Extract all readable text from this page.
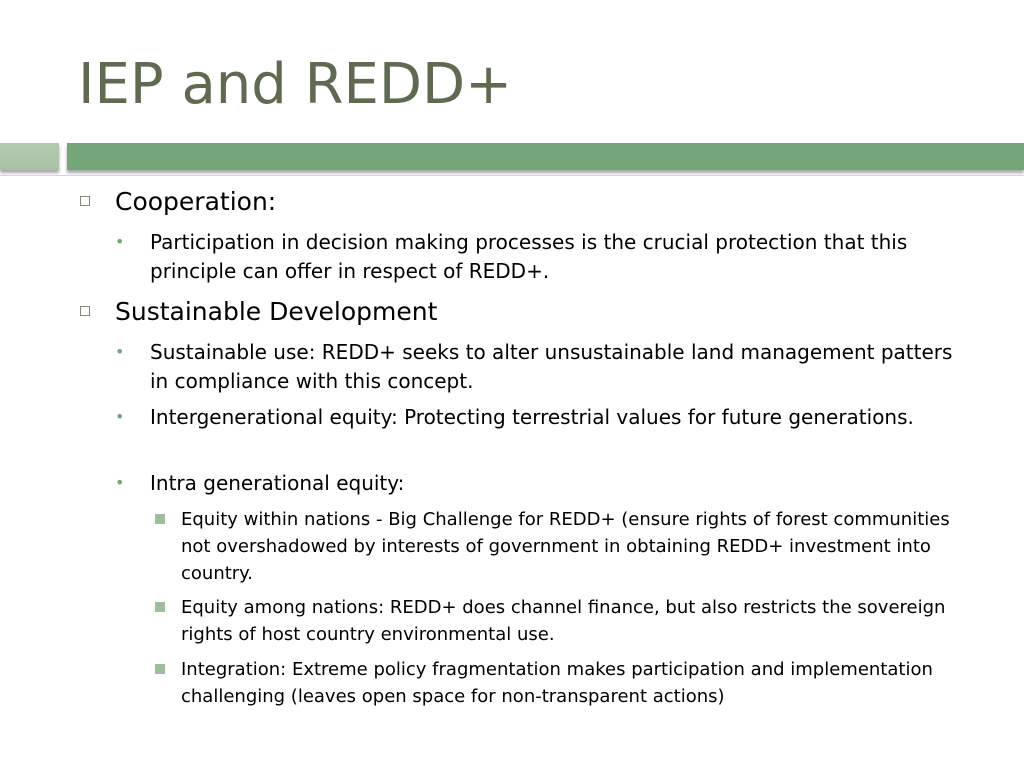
IEP and REDD+
Cooperation:
• Participation in decision making processes is the crucial protection that this principle can offer in respect of REDD+.
Sustainable Development
• Sustainable use: REDD+ seeks to alter unsustainable land management patters in compliance with this concept.
• Intergenerational equity: Protecting terrestrial values for future generations.
• Intra generational equity:
Equity within nations - Big Challenge for REDD+ (ensure rights of forest communities not overshadowed by interests of government in obtaining REDD+ investment into country.
Equity among nations: REDD+ does channel finance, but also restricts the sovereign rights of host country environmental use.
Integration: Extreme policy fragmentation makes participation and implementation challenging (leaves open space for non-transparent actions)
